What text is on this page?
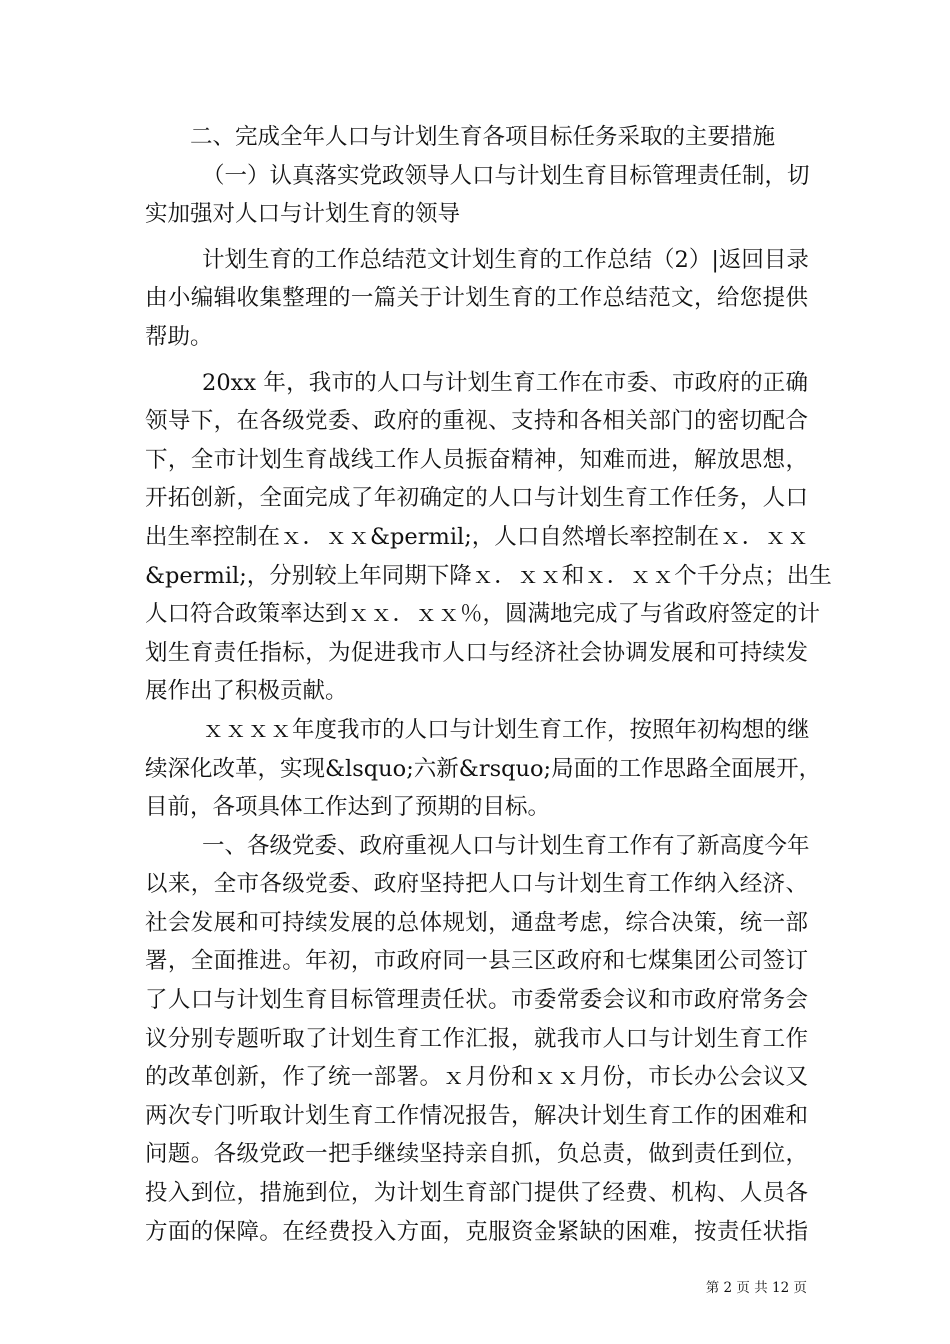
二、完成全年人口与计划生育各项目标任务采取的主要措施
（一）认真落实党政领导人口与计划生育目标管理责任制，切
实加强对人口与计划生育的领导
计划生育的工作总结范文计划生育的工作总结（2）|返回目录
由小编辑收集整理的一篇关于计划生育的工作总结范文，给您提供
帮助。
20xx 年，我市的人口与计划生育工作在市委、市政府的正确
领导下，在各级党委、政府的重视、支持和各相关部门的密切配合
下，全市计划生育战线工作人员振奋精神，知难而进，解放思想，
开拓创新，全面完成了年初确定的人口与计划生育工作任务，人口
出生率控制在ｘ．ｘｘ&permil;，人口自然增长率控制在ｘ．ｘｘ
&permil;，分别较上年同期下降ｘ．ｘｘ和ｘ．ｘｘ个千分点；出生
人口符合政策率达到ｘｘ．ｘｘ％，圆满地完成了与省政府签定的计
划生育责任指标，为促进我市人口与经济社会协调发展和可持续发
展作出了积极贡献。
ｘｘｘｘ年度我市的人口与计划生育工作，按照年初构想的继
续深化改革，实现&lsquo;六新&rsquo;局面的工作思路全面展开，
目前，各项具体工作达到了预期的目标。
一、各级党委、政府重视人口与计划生育工作有了新高度今年
以来，全市各级党委、政府坚持把人口与计划生育工作纳入经济、
社会发展和可持续发展的总体规划，通盘考虑，综合决策，统一部
署，全面推进。年初，市政府同一县三区政府和七煤集团公司签订
了人口与计划生育目标管理责任状。市委常委会议和市政府常务会
议分别专题听取了计划生育工作汇报，就我市人口与计划生育工作
的改革创新，作了统一部署。ｘ月份和ｘｘ月份，市长办公会议又
两次专门听取计划生育工作情况报告，解决计划生育工作的困难和
问题。各级党政一把手继续坚持亲自抓，负总责，做到责任到位，
投入到位，措施到位，为计划生育部门提供了经费、机构、人员各
方面的保障。在经费投入方面，克服资金紧缺的困难，按责任状指
第 2 页 共 12 页
